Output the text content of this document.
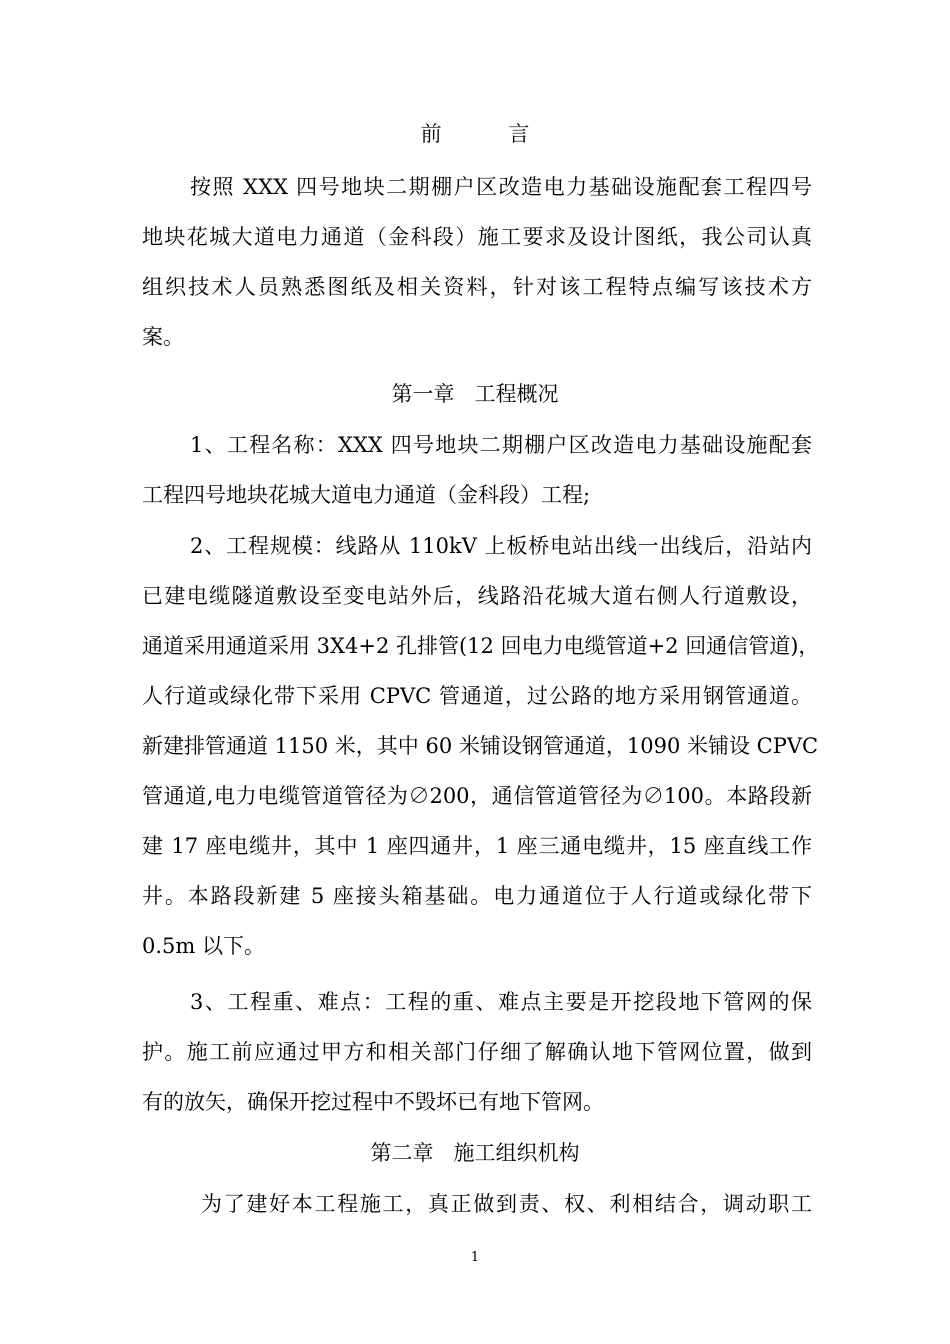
前          言
按照 XXX 四号地块二期棚户区改造电力基础设施配套工程四号
地块花城大道电力通道（金科段）施工要求及设计图纸，我公司认真
组织技术人员熟悉图纸及相关资料，针对该工程特点编写该技术方
案。
第一章   工程概况
1、工程名称：XXX 四号地块二期棚户区改造电力基础设施配套
工程四号地块花城大道电力通道（金科段）工程;
2、工程规模：线路从 110kV 上板桥电站出线一出线后，沿站内
已建电缆隧道敷设至变电站外后，线路沿花城大道右侧人行道敷设，
通道采用通道采用 3X4+2 孔排管(12 回电力电缆管道+2 回通信管道)，
人行道或绿化带下采用 CPVC 管通道，过公路的地方采用钢管通道。
新建排管通道 1150 米，其中 60 米铺设钢管通道，1090 米铺设 CPVC
管通道,电力电缆管道管径为∅200，通信管道管径为∅100。本路段新
建 17 座电缆井，其中 1 座四通井，1 座三通电缆井，15 座直线工作
井。本路段新建 5 座接头箱基础。电力通道位于人行道或绿化带下
0.5m 以下。
3、工程重、难点：工程的重、难点主要是开挖段地下管网的保
护。施工前应通过甲方和相关部门仔细了解确认地下管网位置，做到
有的放矢，确保开挖过程中不毁坏已有地下管网。
第二章   施工组织机构
为了建好本工程施工，真正做到责、权、利相结合，调动职工
1
